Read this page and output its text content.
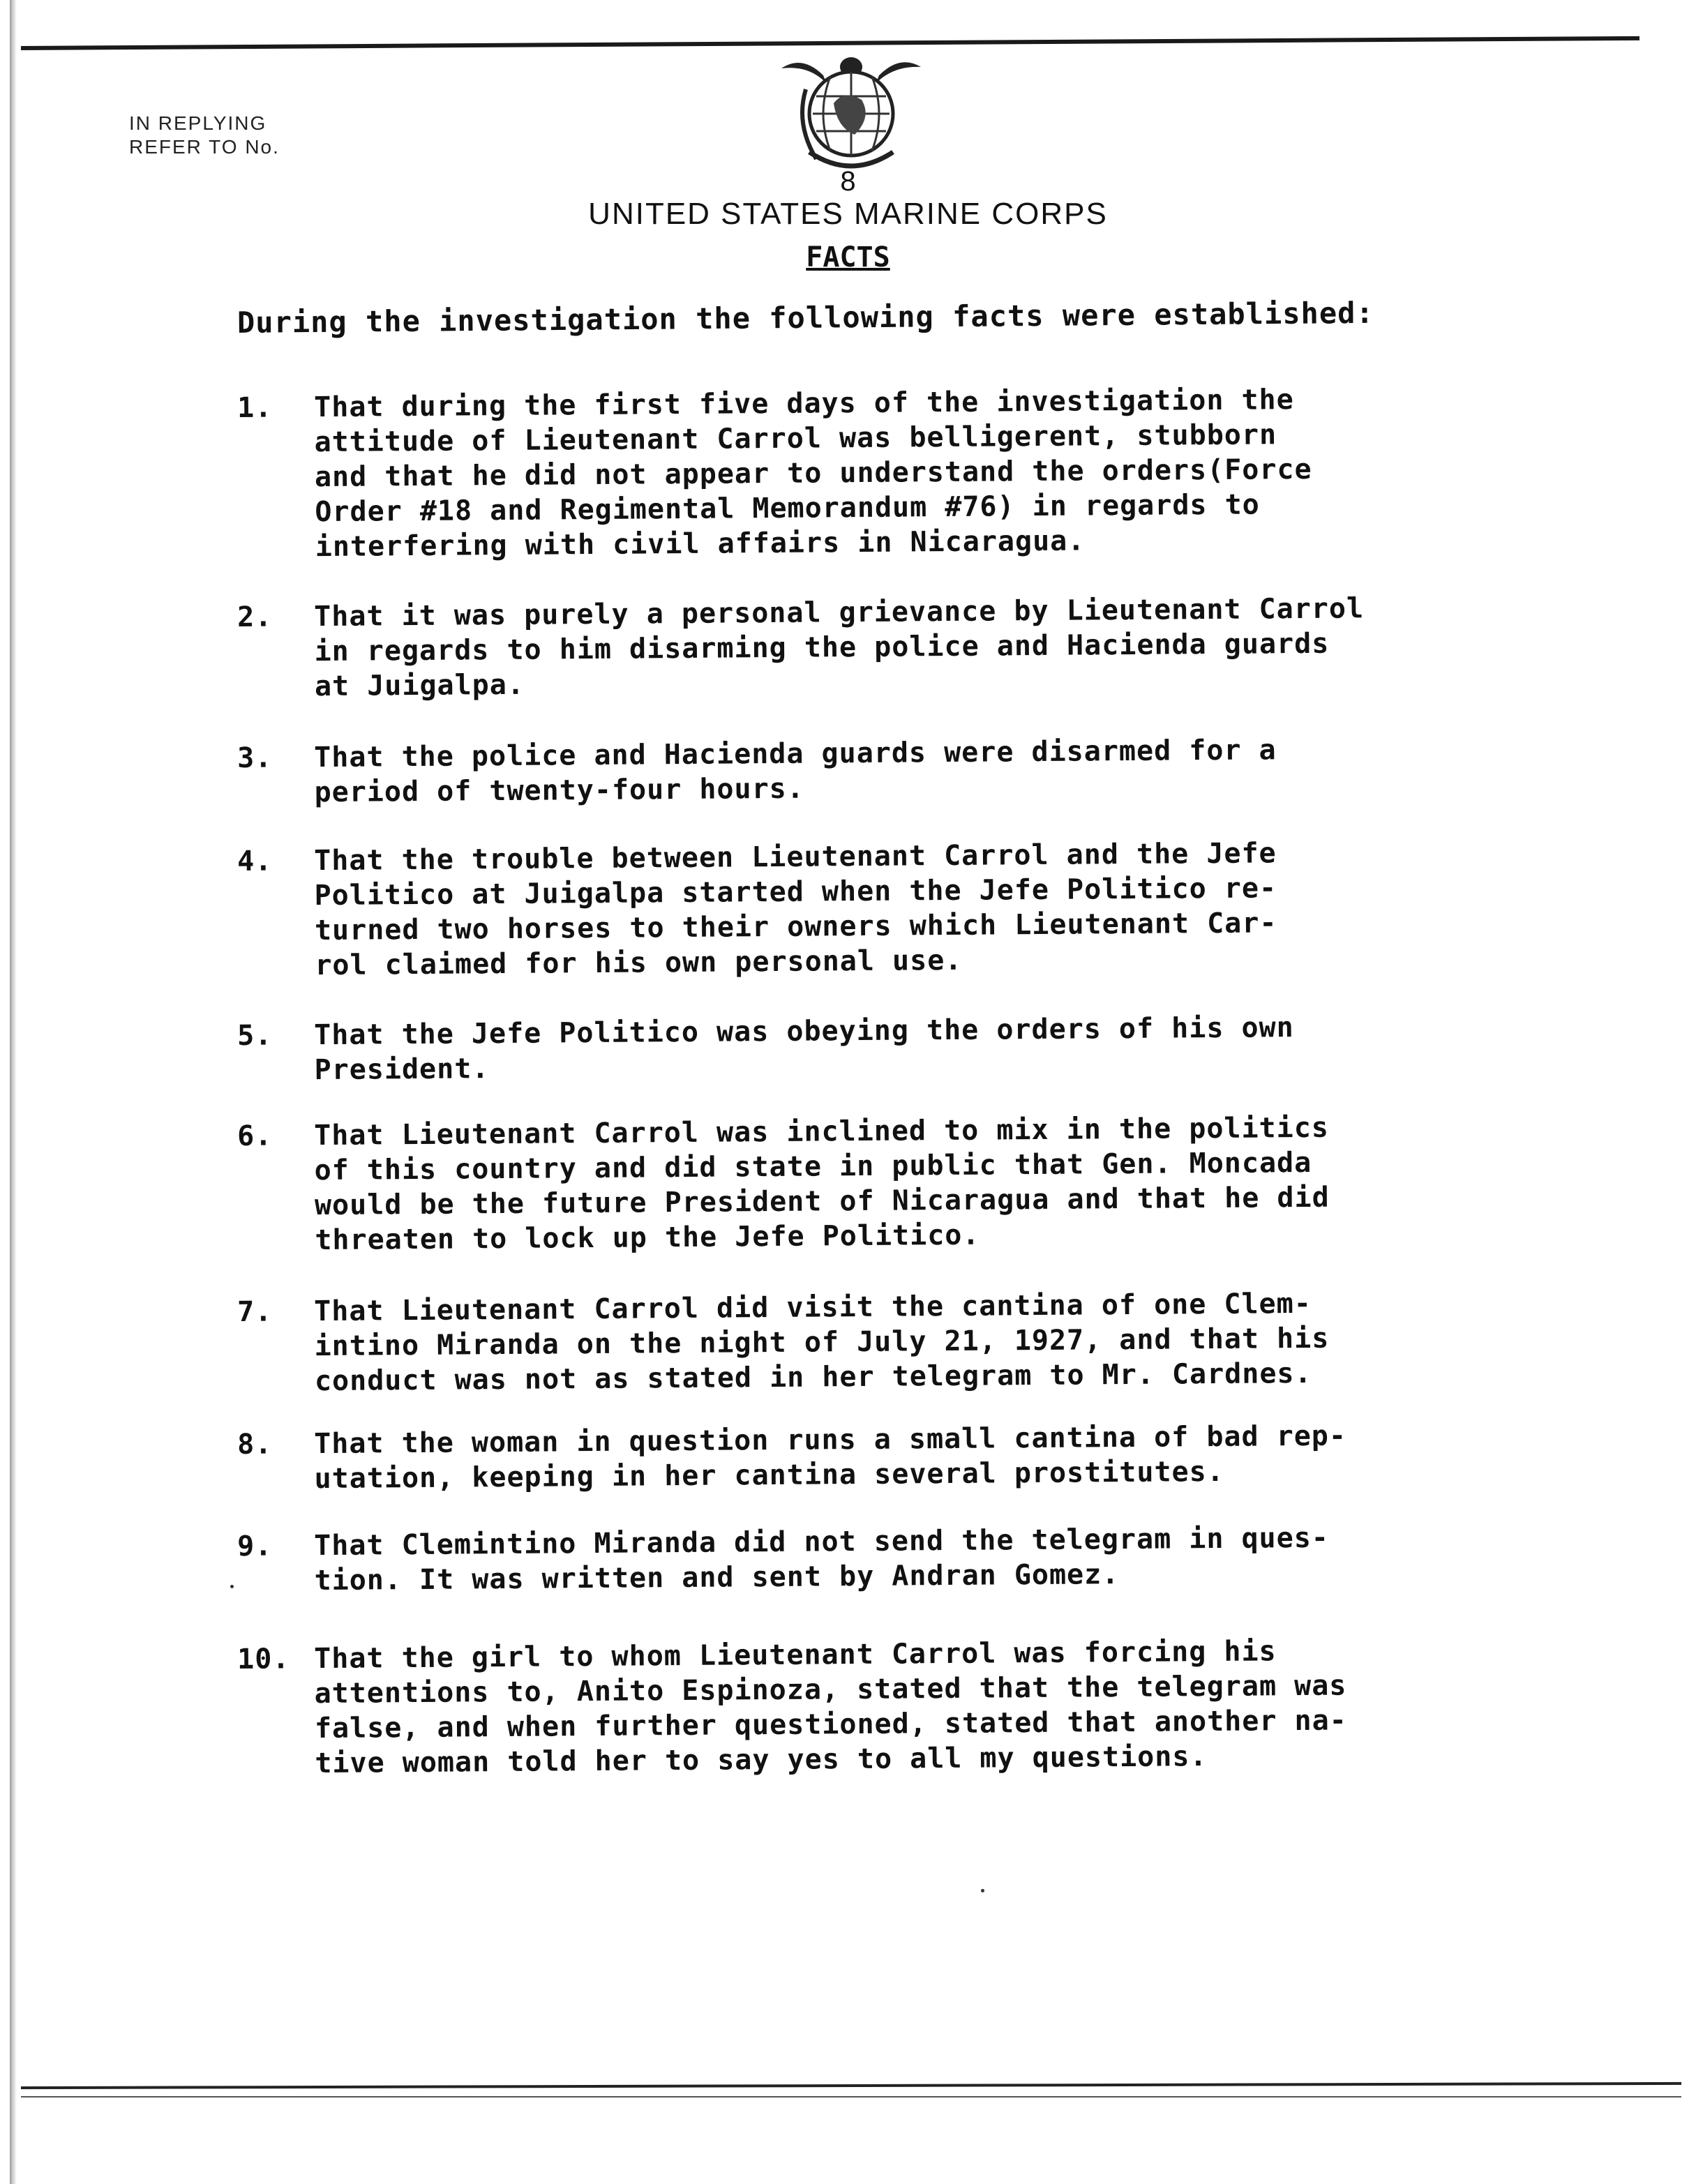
IN REPLYING
REFER TO No.
8
UNITED STATES MARINE CORPS
FACTS
During the investigation the following facts were established:
1.	That during the first five days of the investigation the
attitude of Lieutenant Carrol was belligerent, stubborn
and that he did not appear to understand the orders(Force
Order #18 and Regimental Memorandum #76) in regards to
interfering with civil affairs in Nicaragua.
2.	That it was purely a personal grievance by Lieutenant Carrol
in regards to him disarming the police and Hacienda guards
at Juigalpa.
3.	That the police and Hacienda guards were disarmed for a
period of twenty-four hours.
4.	That the trouble between Lieutenant Carrol and the Jefe
Politico at Juigalpa started when the Jefe Politico re-
turned two horses to their owners which Lieutenant Car-
rol claimed for his own personal use.
5.	That the Jefe Politico was obeying the orders of his own
President.
6.	That Lieutenant Carrol was inclined to mix in the politics
of this country and did state in public that Gen. Moncada
would be the future President of Nicaragua and that he did
threaten to lock up the Jefe Politico.
7.	That Lieutenant Carrol did visit the cantina of one Clem-
intino Miranda on the night of July 21, 1927, and that his
conduct was not as stated in her telegram to Mr. Cardnes.
8.	That the woman in question runs a small cantina of bad rep-
utation, keeping in her cantina several prostitutes.
9.	That Clemintino Miranda did not send the telegram in ques-
tion. It was written and sent by Andran Gomez.
10. That the girl to whom Lieutenant Carrol was forcing his
attentions to, Anito Espinoza, stated that the telegram was
false, and when further questioned, stated that another na-
tive woman told her to say yes to all my questions.
